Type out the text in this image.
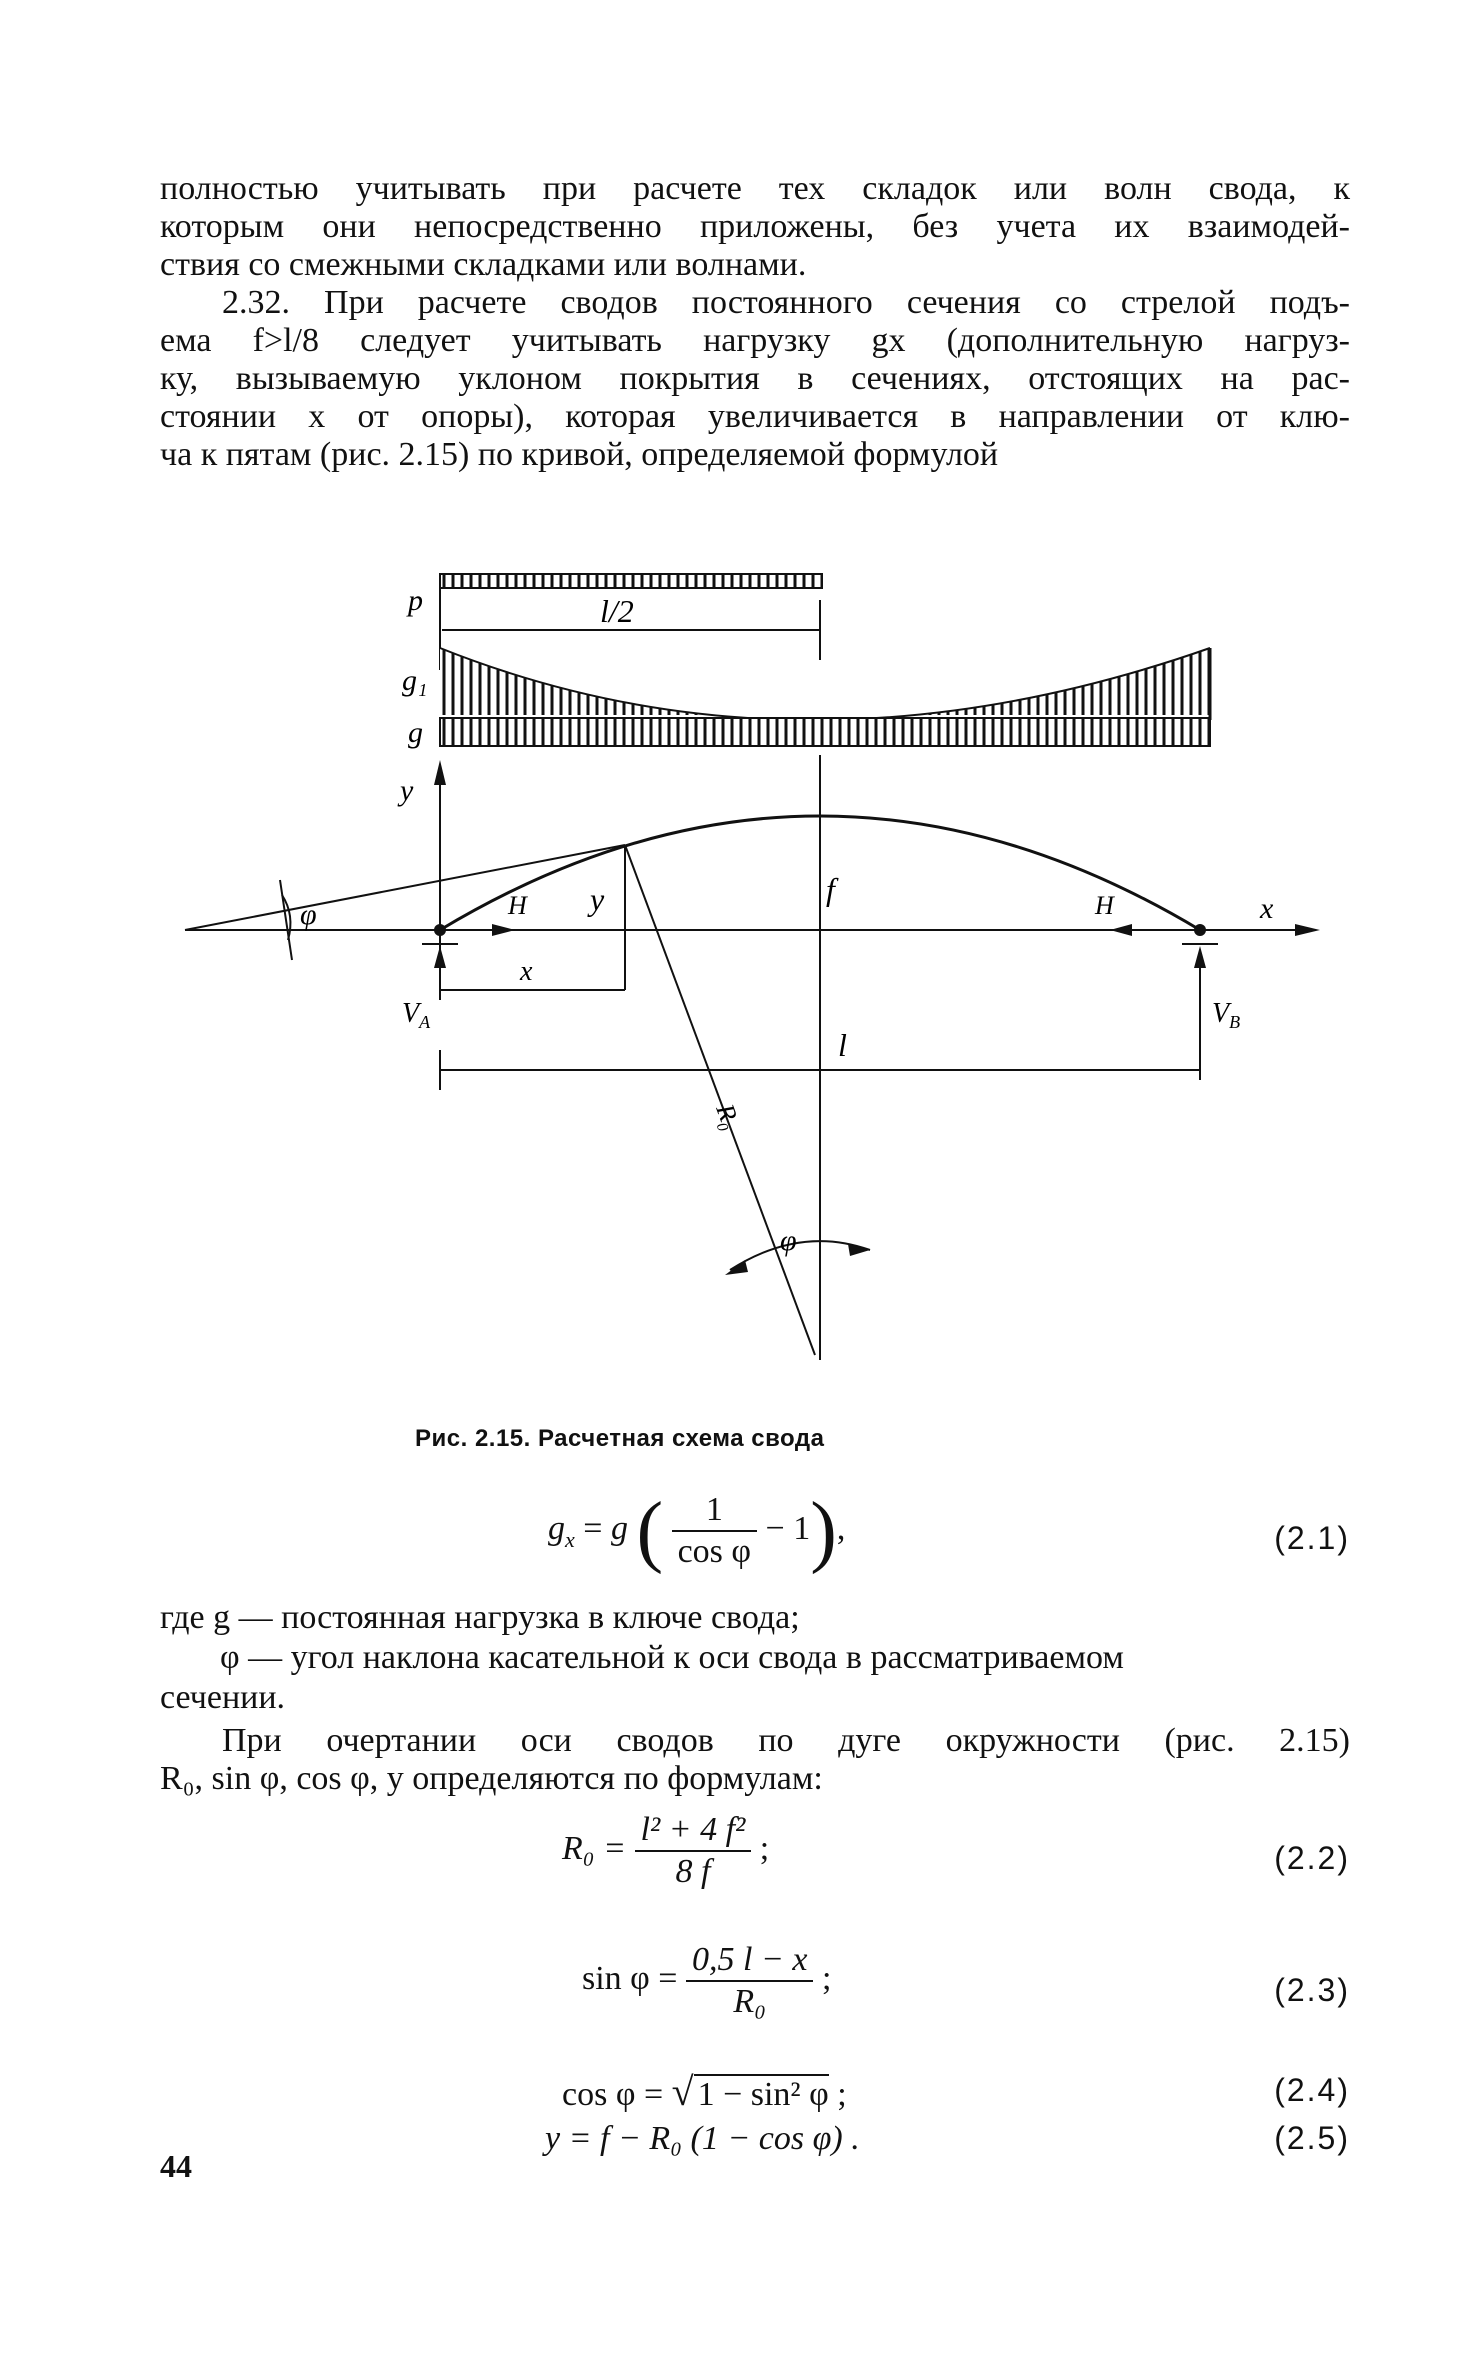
полностью учитывать при расчете тех складок или волн свода, к
которым они непосредственно приложены, без учета их взаимодей-
ствия со смежными складками или волнами.
2.32. При расчете сводов постоянного сечения со стрелой подъ-
ема f>l/8 следует учитывать нагрузку gx (дополнительную нагруз-
ку, вызываемую уклоном покрытия в сечениях, отстоящих на рас-
стоянии x от опоры), которая увеличивается в направлении от клю-
ча к пятам (рис. 2.15) по кривой, определяемой формулой
p	l/2
g₁
g
y
x
φ	H	H
y	f
x
$V_A$	$V_B$
l
R₀
φ
Рис. 2.15. Расчетная схема свода
$g_x = g$ ( $\frac{1}{\text{cos φ}} - 1$),	(2.1)
где g — постоянная нагрузка в ключе свода;
φ — угол наклона касательной к оси свода в рассматриваемом
сечении.
При очертании оси сводов по дуге окружности (рис. 2.15)
R₀, sin φ, cos φ, y определяются по формулам:
$R_0 = \frac{\text{l² + 4 f²}}{8 f}$ ;	(2.2)
$\sin \varphi = \frac{0,5 l - x}{\text{R₀}}$ ;	(2.3)
cos φ = √ 1 − sin² φ ;	(2.4)
y = f − R₀ (1 − cos φ) .	(2.5)
44
